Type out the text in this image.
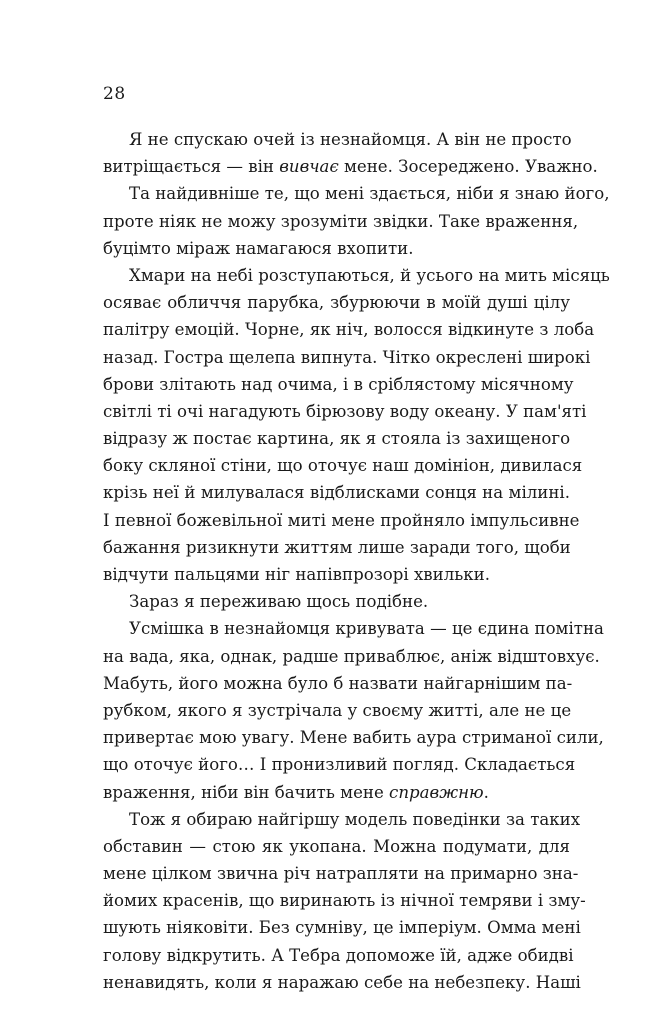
28
Я не спускаю очей із незнайомця. А він не просто
витріщається — він вивчає мене. Зосереджено. Уважно.
Та найдивніше те, що мені здається, ніби я знаю його,
проте ніяк не можу зрозуміти звідки. Таке враження,
буцімто міраж намагаюся вхопити.
Хмари на небі розступаються, й усього на мить місяць
осяває обличчя парубка, збурюючи в моїй душі цілу
палітру емоцій. Чорне, як ніч, волосся відкинуте з лоба
назад. Гостра щелепа випнута. Чітко окреслені широкі
брови злітають над очима, і в сріблястому місячному
світлі ті очі нагадують бірюзову воду океану. У пам'яті
відразу ж постає картина, як я стояла із захищеного
боку скляної стіни, що оточує наш домініон, дивилася
крізь неї й милувалася відблисками сонця на мілині.
І певної божевільної миті мене пройняло імпульсивне
бажання ризикнути життям лише заради того, щоби
відчути пальцями ніг напівпрозорі хвильки.
Зараз я переживаю щось подібне.
Усмішка в незнайомця кривувата — це єдина помітна
на вада, яка, однак, радше приваблює, аніж відштовхує.
Мабуть, його можна було б назвати найгарнішим па-
рубком, якого я зустрічала у своєму житті, але не це
привертає мою увагу. Мене вабить аура стриманої сили,
що оточує його… І пронизливий погляд. Складається
враження, ніби він бачить мене справжню.
Тож я обираю найгіршу модель поведінки за таких
обставин — стою як укопана. Можна подумати, для
мене цілком звична річ натрапляти на примарно зна-
йомих красенів, що виринають із нічної темряви і зму-
шують ніяковіти. Без сумніву, це імперіум. Омма мені
голову відкрутить. А Тебра допоможе їй, адже обидві
ненавидять, коли я наражаю себе на небезпеку. Наші
